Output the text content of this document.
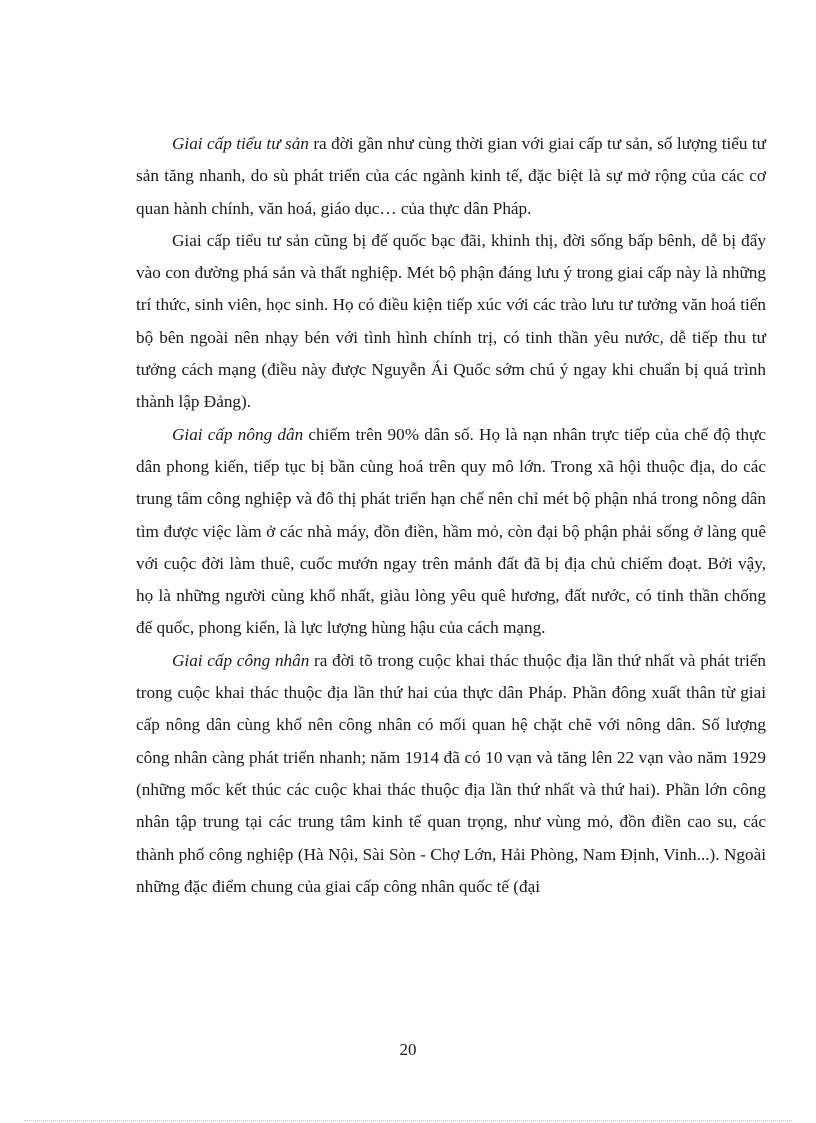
Giai cấp tiểu tư sản ra đời gần như cùng thời gian với giai cấp tư sản, số lượng tiểu tư sản tăng nhanh, do sù phát triển của các ngành kinh tế, đặc biệt là sự mở rộng của các cơ quan hành chính, văn hoá, giáo dục… của thực dân Pháp.

Giai cấp tiểu tư sản cũng bị đế quốc bạc đãi, khinh thị, đời sống bấp bênh, dễ bị đẩy vào con đường phá sản và thất nghiệp. Mét bộ phận đáng lưu ý trong giai cấp này là những trí thức, sinh viên, học sinh. Họ có điều kiện tiếp xúc với các trào lưu tư tưởng văn hoá tiến bộ bên ngoài nên nhạy bén với tình hình chính trị, có tinh thần yêu nước, dễ tiếp thu tư tưởng cách mạng (điều này được Nguyễn Ái Quốc sớm chú ý ngay khi chuẩn bị quá trình thành lập Đảng).

Giai cấp nông dân chiếm trên 90% dân số. Họ là nạn nhân trực tiếp của chế độ thực dân phong kiến, tiếp tục bị bần cùng hoá trên quy mô lớn. Trong xã hội thuộc địa, do các trung tâm công nghiệp và đô thị phát triển hạn chế nên chỉ mét bộ phận nhá trong nông dân tìm được việc làm ở các nhà máy, đồn điền, hầm mỏ, còn đại bộ phận phải sống ở làng quê với cuộc đời làm thuê, cuốc mướn ngay trên mảnh đất đã bị địa chủ chiếm đoạt. Bởi vậy, họ là những người cùng khổ nhất, giàu lòng yêu quê hương, đất nước, có tinh thần chống đế quốc, phong kiến, là lực lượng hùng hậu của cách mạng.

Giai cấp công nhân ra đời tõ trong cuộc khai thác thuộc địa lần thứ nhất và phát triển trong cuộc khai thác thuộc địa lần thứ hai của thực dân Pháp. Phần đông xuất thân từ giai cấp nông dân cùng khổ nên công nhân có mối quan hệ chặt chẽ với nông dân. Số lượng công nhân càng phát triển nhanh; năm 1914 đã có 10 vạn và tăng lên 22 vạn vào năm 1929 (những mốc kết thúc các cuộc khai thác thuộc địa lần thứ nhất và thứ hai). Phần lớn công nhân tập trung tại các trung tâm kinh tế quan trọng, như vùng mỏ, đồn điền cao su, các thành phố công nghiệp (Hà Nội, Sài Sòn - Chợ Lớn, Hải Phòng, Nam Định, Vinh...). Ngoài những đặc điểm chung của giai cấp công nhân quốc tế (đại

20
